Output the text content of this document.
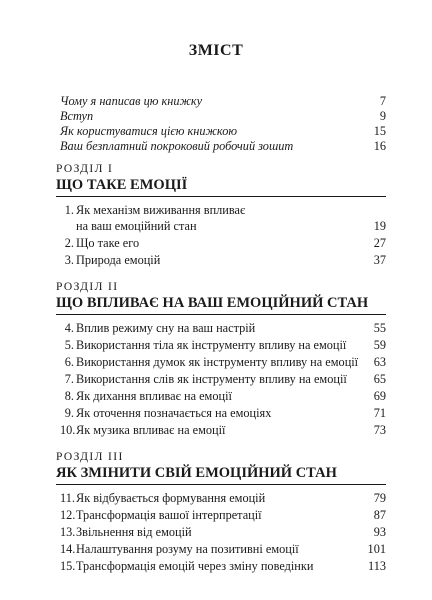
ЗМІСТ
Чому я написав цю книжку	7
Вступ	9
Як користуватися цією книжкою	15
Ваш безплатний покроковий робочий зошит	16
РОЗДІЛ I
ЩО ТАКЕ ЕМОЦІЇ
1. Як механізм виживання впливає
на ваш емоційний стан	19
2. Що таке его	27
3. Природа емоцій	37
РОЗДІЛ II
ЩО ВПЛИВАЄ НА ВАШ ЕМОЦІЙНИЙ СТАН
4. Вплив режиму сну на ваш настрій	55
5. Використання тіла як інструменту впливу на емоції 59
6. Використання думок як інструменту впливу на емоції 63
7. Використання слів як інструменту впливу на емоції 65
8. Як дихання впливає на емоції	69
9. Як оточення позначається на емоціях	71
10. Як музика впливає на емоції	73
РОЗДІЛ III
ЯК ЗМІНИТИ СВІЙ ЕМОЦІЙНИЙ СТАН
11. Як відбувається формування емоцій	79
12. Трансформація вашої інтерпретації	87
13. Звільнення від емоцій	93
14. Налаштування розуму на позитивні емоції	101
15. Трансформація емоцій через зміну поведінки	113
